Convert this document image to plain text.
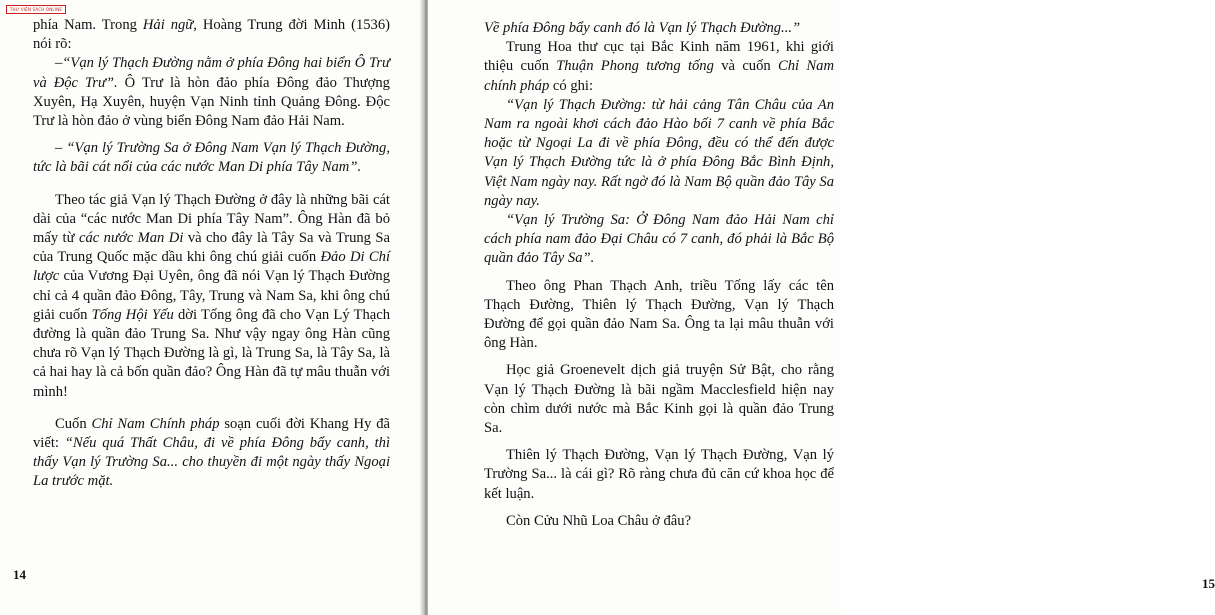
THƯ VIỆN SÁCH ONLINE

phía Nam. Trong Hải ngữ, Hoàng Trung đời Minh (1536) nói rõ:

–“Vạn lý Thạch Đường nằm ở phía Đông hai biển Ô Trư và Độc Trư”. Ô Trư là hòn đảo phía Đông đảo Thượng Xuyên, Hạ Xuyên, huyện Vạn Ninh tỉnh Quảng Đông. Độc Trư là hòn đảo ở vùng biển Đông Nam đảo Hải Nam.

– “Vạn lý Trường Sa ở Đông Nam Vạn lý Thạch Đường, tức là bãi cát nổi của các nước Man Di phía Tây Nam”.

Theo tác giả Vạn lý Thạch Đường ở đây là những bãi cát dài của “các nước Man Di phía Tây Nam”. Ông Hàn đã bỏ mấy từ các nước Man Di và cho đây là Tây Sa và Trung Sa của Trung Quốc mặc dầu khi ông chú giải cuốn Đảo Di Chí lược của Vương Đại Uyên, ông đã nói Vạn lý Thạch Đường chỉ cả 4 quần đảo Đông, Tây, Trung và Nam Sa, khi ông chú giải cuốn Tống Hội Yếu dời Tống ông đã cho Vạn Lý Thạch đường là quần đảo Trung Sa. Như vậy ngay ông Hàn cũng chưa rõ Vạn lý Thạch Đường là gì, là Trung Sa, là Tây Sa, là cả hai hay là cả bốn quần đảo? Ông Hàn đã tự mâu thuẫn với mình!

Cuốn Chỉ Nam Chính pháp soạn cuối đời Khang Hy đã viết: “Nếu quá Thất Châu, đi về phía Đông bẩy canh, thì thấy Vạn lý Trường Sa... cho thuyền đi một ngày thấy Ngoại La trước mặt.

14

Về phía Đông bẩy canh đó là Vạn lý Thạch Đường...”

Trung Hoa thư cục tại Bắc Kinh năm 1961, khi giới thiệu cuốn Thuận Phong tương tống và cuốn Chỉ Nam chính pháp có ghi:

“Vạn lý Thạch Đường: từ hải cảng Tân Châu của An Nam ra ngoài khơi cách đảo Hào bối 7 canh về phía Bắc hoặc từ Ngoại La đi về phía Đông, đều có thể đến được Vạn lý Thạch Đường tức là ở phía Đông Bắc Bình Định, Việt Nam ngày nay. Rất ngờ đó là Nam Bộ quần đảo Tây Sa ngày nay.

“Vạn lý Trường Sa: Ở Đông Nam đảo Hải Nam chỉ cách phía nam đảo Đại Châu có 7 canh, đó phải là Bắc Bộ quần đảo Tây Sa”.

Theo ông Phan Thạch Anh, triều Tống lấy các tên Thạch Đường, Thiên lý Thạch Đường, Vạn lý Thạch Đường để gọi quần đảo Nam Sa. Ông ta lại mâu thuẫn với ông Hàn.

Học giả Groenevelt dịch giả truyện Sử Bật, cho rằng Vạn lý Thạch Đường là bãi ngầm Macclesfield hiện nay còn chìm dưới nước mà Bắc Kinh gọi là quần đảo Trung Sa.

Thiên lý Thạch Đường, Vạn lý Thạch Đường, Vạn lý Trường Sa... là cái gì? Rõ ràng chưa đủ căn cứ khoa học để kết luận.

Còn Cửu Nhũ Loa Châu ở đâu?

15
